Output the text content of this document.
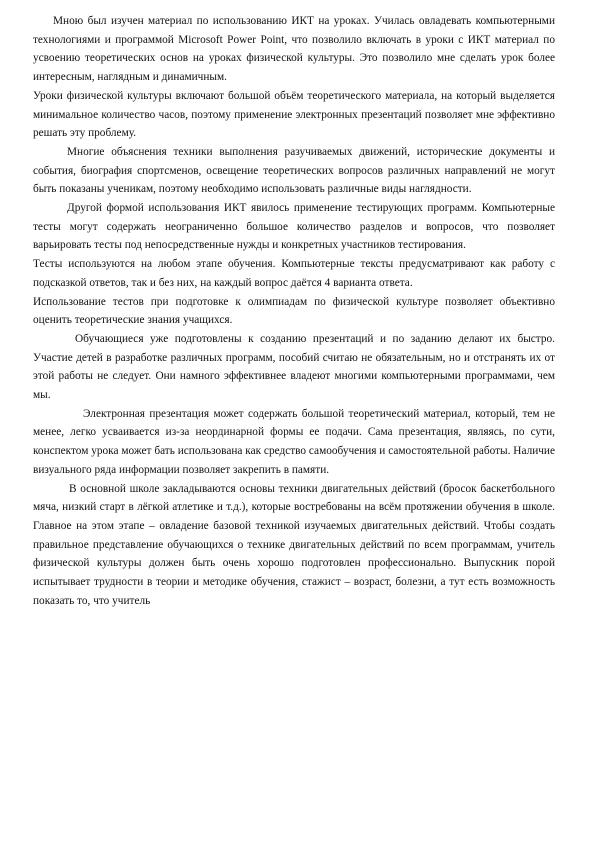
Мною был изучен материал по использованию ИКТ на уроках. Училась овладевать компьютерными технологиями и программой Microsoft Power Point, что позволило включать в уроки с ИКТ материал по усвоению теоретических основ на уроках физической культуры. Это позволило мне сделать урок более интересным, наглядным и динамичным.

Уроки физической культуры включают большой объём теоретического материала, на который выделяется минимальное количество часов, поэтому применение электронных презентаций позволяет мне эффективно решать эту проблему.

Многие объяснения техники выполнения разучиваемых движений, исторические документы и события, биография спортсменов, освещение теоретических вопросов различных направлений не могут быть показаны ученикам, поэтому необходимо использовать различные виды наглядности.

Другой формой использования ИКТ явилось применение тестирующих программ. Компьютерные тесты могут содержать неограниченно большое количество разделов и вопросов, что позволяет варьировать тесты под непосредственные нужды и конкретных участников тестирования.

Тесты используются на любом этапе обучения. Компьютерные тексты предусматривают как работу с подсказкой ответов, так и без них, на каждый вопрос даётся 4 варианта ответа.

Использование тестов при подготовке к олимпиадам по физической культуре позволяет объективно оценить теоретические знания учащихся.

Обучающиеся уже подготовлены к созданию презентаций и по заданию делают их быстро. Участие детей в разработке различных программ, пособий считаю не обязательным, но и отстранять их от этой работы не следует. Они намного эффективнее владеют многими компьютерными программами, чем мы.

Электронная презентация может содержать большой теоретический материал, который, тем не менее, легко усваивается из-за неординарной формы ее подачи. Сама презентация, являясь, по сути, конспектом урока может бать использована как средство самообучения и самостоятельной работы. Наличие визуального ряда информации позволяет закрепить в памяти.

В основной школе закладываются основы техники двигательных действий (бросок баскетбольного мяча, низкий старт в лёгкой атлетике и т.д.), которые востребованы на всём протяжении обучения в школе. Главное на этом этапе – овладение базовой техникой изучаемых двигательных действий. Чтобы создать правильное представление обучающихся о технике двигательных действий по всем программам, учитель физической культуры должен быть очень хорошо подготовлен профессионально. Выпускник порой испытывает трудности в теории и методике обучения, стажист – возраст, болезни, а тут есть возможность показать то, что учитель
